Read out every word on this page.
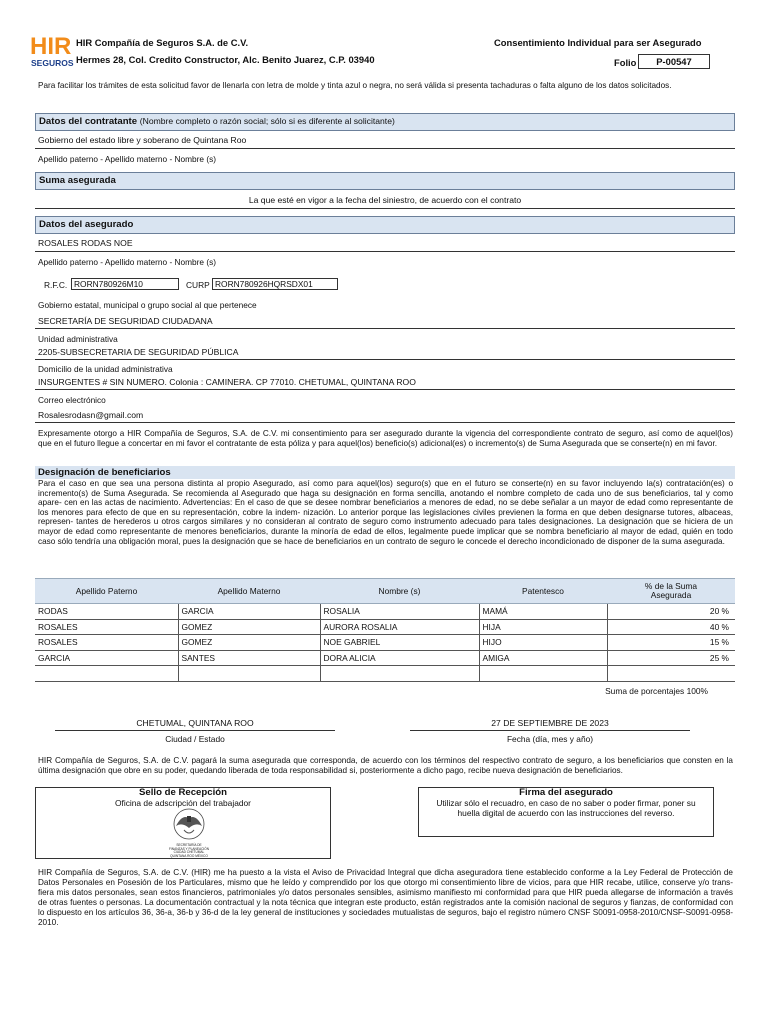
HIR
SEGUROS
HIR Compañía de Seguros S.A. de C.V.
Hermes 28, Col. Credito Constructor, Alc. Benito Juarez, C.P. 03940
Consentimiento Individual para ser Asegurado
Folio	P-00547
Para facilitar los trámites de esta solicitud favor de llenarla con letra de molde y tinta azul o negra, no será válida si presenta tachaduras o falta alguno de los datos solicitados.
Datos del contratante (Nombre completo o razón social; sólo si es diferente al solicitante)
Gobierno del estado libre y soberano de Quintana Roo
Apellido paterno - Apellido materno - Nombre (s)
Suma asegurada
La que esté en vigor a la fecha del siniestro, de acuerdo con el contrato
Datos del asegurado
ROSALES RODAS NOE
Apellido paterno - Apellido materno - Nombre (s)
R.F.C. RORN780926M10	CURP RORN780926HQRSDX01
Gobierno estatal, municipal o grupo social al que pertenece
SECRETARÍA DE SEGURIDAD CIUDADANA
Unidad administrativa
2205-SUBSECRETARIA DE SEGURIDAD PÚBLICA
Domicilio de la unidad administrativa
INSURGENTES # SIN NUMERO. Colonia : CAMINERA. CP 77010. CHETUMAL, QUINTANA ROO
Correo electrónico
Rosalesrodasn@gmail.com
Expresamente otorgo a HIR Compañía de Seguros, S.A. de C.V. mi consentimiento para ser asegurado durante la vigencia del correspondiente contrato de seguro, así como de aquel(los) que en el futuro llegue a concertar en mi favor el contratante de esta póliza y para aquel(los) beneficio(s) adicional(es) o incremento(s) de Suma Asegurada que se conserte(n) en mi favor.
Designación de beneficiarios
Para el caso en que sea una persona distinta al propio Asegurado, así como para aquel(los) seguro(s) que en el futuro se conserte(n) en su favor incluyendo la(s) contratación(es) o incremento(s) de Suma Asegurada. Se recomienda al Asegurado que haga su designación en forma sencilla, anotando el nombre completo de cada uno de sus beneficiarios, tal y como apare- cen en las actas de nacimiento. Advertencias: En el caso de que se desee nombrar beneficiarios a menores de edad, no se debe señalar a un mayor de edad como representante de los menores para efecto de que en su representación, cobre la indem- nización. Lo anterior porque las legislaciones civiles previenen la forma en que deben designarse tutores, albaceas, represen- tantes de herederos u otros cargos similares y no consideran al contrato de seguro como instrumento adecuado para tales designaciones. La designación que se hiciera de un mayor de edad como representante de menores beneficiarios, durante la minoría de edad de ellos, legalmente puede implicar que se nombra beneficiario al mayor de edad, quién en todo caso sólo tendría una obligación moral, pues la designación que se hace de beneficiarios en un contrato de seguro le concede el derecho incondicionado de disponer de la suma asegurada.
Apellido Paterno	Apellido Materno	Nombre (s)	Patentesco	% de la Suma Asegurada
RODAS	GARCIA	ROSALIA	MAMÁ	20 %
ROSALES	GOMEZ	AURORA ROSALIA	HIJA	40 %
ROSALES	GOMEZ	NOE GABRIEL	HIJO	15 %
GARCIA	SANTES	DORA ALICIA	AMIGA	25 %

Suma de porcentajes 100%
CHETUMAL, QUINTANA ROO
Ciudad / Estado
27 DE SEPTIEMBRE DE 2023
Fecha (día, mes y año)
HIR Compañía de Seguros, S.A. de C.V. pagará la suma asegurada que corresponda, de acuerdo con los términos del respectivo contrato de seguro, a los beneficiarios que consten en la última designación que obre en su poder, quedando liberada de toda responsabilidad si, posteriormente a dicho pago, recibe nueva designación de beneficiarios.
Sello de Recepción
Oficina de adscripción del trabajador
SECRETARÍA DE
FINANZAS Y PLANEACIÓN
CIUDAD CHETUMAL
QUINTANA ROO MÉXICO
Firma del asegurado
Utilizar sólo el recuadro, en caso de no saber o poder firmar, poner su huella digital de acuerdo con las instrucciones del reverso.
HIR Compañía de Seguros, S.A. de C.V. (HIR) me ha puesto a la vista el Aviso de Privacidad Integral que dicha aseguradora tiene establecido conforme a la Ley Federal de Protección de Datos Personales en Posesión de los Particulares, mismo que he leído y comprendido por los que otorgo mi consentimiento libre de vicios, para que HIR recabe, utilice, conserve y/o trans- fiera mis datos personales, sean estos financieros, patrimoniales y/o datos personales sensibles, asimismo manifiesto mi conformidad para que HIR pueda allegarse de información a través de otras fuentes o personas. La documentación contractual y la nota técnica que integran este producto, están registrados ante la comisión nacional de seguros y fianzas, de conformidad con lo dispuesto en los artículos 36, 36-a, 36-b y 36-d de la ley general de instituciones y sociedades mutualistas de seguros, bajo el registro número CNSF S0091-0958-2010/CNSF-S0091-0958-2010.
